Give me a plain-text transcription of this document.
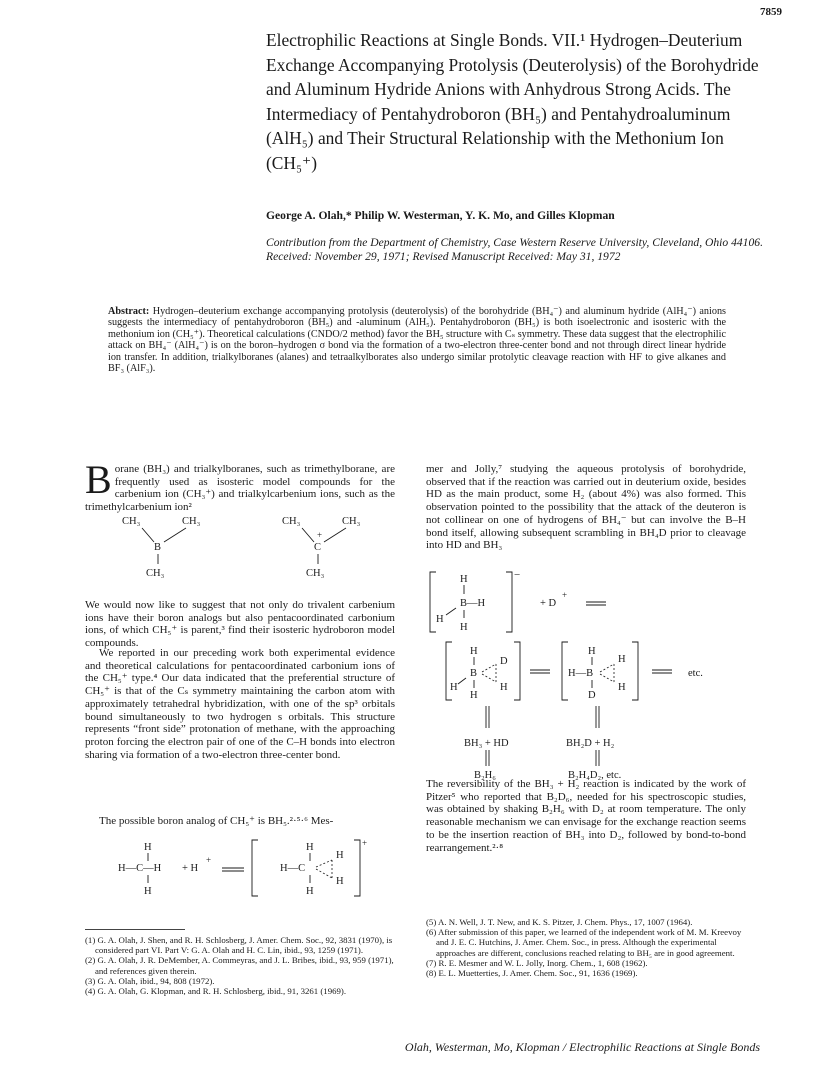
7859
Electrophilic Reactions at Single Bonds. VII.¹ Hydrogen–Deuterium Exchange Accompanying Protolysis (Deuterolysis) of the Borohydride and Aluminum Hydride Anions with Anhydrous Strong Acids. The Intermediacy of Pentahydroboron (BH₅) and Pentahydroaluminum (AlH₅) and Their Structural Relationship with the Methonium Ion (CH₅⁺)
George A. Olah,* Philip W. Westerman, Y. K. Mo, and Gilles Klopman
Contribution from the Department of Chemistry, Case Western Reserve University, Cleveland, Ohio 44106. Received: November 29, 1971; Revised Manuscript Received: May 31, 1972
Abstract: Hydrogen–deuterium exchange accompanying protolysis (deuterolysis) of the borohydride (BH₄⁻) and aluminum hydride (AlH₄⁻) anions suggests the intermediacy of pentahydroboron (BH₅) and -aluminum (AlH₅). Pentahydroboron (BH₅) is both isoelectronic and isosteric with the methonium ion (CH₅⁺). Theoretical calculations (CNDO/2 method) favor the BH₅ structure with Cₛ symmetry. These data suggest that the electrophilic attack on BH₄⁻ (AlH₄⁻) is on the boron–hydrogen σ bond via the formation of a two-electron three-center bond and not through direct linear hydride ion transfer. In addition, trialkylboranes (alanes) and tetraalkylborates also undergo similar protolytic cleavage reaction with HF to give alkanes and BF₃ (AlF₃).
Borane (BH₃) and trialkylboranes, such as trimethylborane, are frequently used as isosteric model compounds for the carbenium ion (CH₃⁺) and trialkylcarbenium ions, such as the trimethylcarbenium ion²
CH₃	CH₃
B
CH₃
CH₃	CH₃
+
C
CH₃
We would now like to suggest that not only do trivalent carbenium ions have their boron analogs but also pentacoordinated carbonium ions, of which CH₅⁺ is parent,³ find their isosteric hydroboron model compounds.
We reported in our preceding work both experimental evidence and theoretical calculations for pentacoordinated carbonium ions of the CH₅⁺ type.⁴ Our data indicated that the preferential structure of CH₅⁺ is that of the Cₛ symmetry maintaining the carbon atom with approximately tetrahedral hybridization, with one of the sp³ orbitals bound simultaneously to two hydrogen s orbitals. This structure represents “front side” protonation of methane, with the approaching proton forcing the electron pair of one of the C–H bonds into electron sharing via formation of a two-electron three-center bond.
The possible boron analog of CH₅⁺ is BH₅.²·⁵·⁶ Mes-
H
H—C—H
H
+ H
+
H
H—C
H
H
H
+
mer and Jolly,⁷ studying the aqueous protolysis of borohydride, observed that if the reaction was carried out in deuterium oxide, besides HD as the main product, some H₂ (about 4%) was also formed. This observation pointed to the possibility that the attack of the deuteron is not collinear on one of hydrogens of BH₄⁻ but can involve the B–H bond itself, allowing subsequent scrambling in BH₄D prior to cleavage into HD and BH₃
H
B—H
H
H
−
+ D
+
H
B
H
H
D
H
H
H—B
D
H
H
etc.
BH₃ + HD	BH₂D + H₂
B₂H₆	B₂H₄D₂, etc.
The reversibility of the BH₃ + H₂ reaction is indicated by the work of Pitzer⁵ who reported that B₂D₆, needed for his spectroscopic studies, was obtained by shaking B₂H₆ with D₂ at room temperature. The only reasonable mechanism we can envisage for the exchange reaction seems to be the insertion reaction of BH₃ into D₂, followed by bond-to-bond rearrangement.²·⁸

(1) G. A. Olah, J. Shen, and R. H. Schlosberg, J. Amer. Chem. Soc., 92, 3831 (1970), is considered part VI. Part V: G. A. Olah and H. C. Lin, ibid., 93, 1259 (1971).

(2) G. A. Olah, J. R. DeMember, A. Commeyras, and J. L. Bribes, ibid., 93, 959 (1971), and references given therein.

(3) G. A. Olah, ibid., 94, 808 (1972).

(4) G. A. Olah, G. Klopman, and R. H. Schlosberg, ibid., 91, 3261 (1969).

(5) A. N. Well, J. T. New, and K. S. Pitzer, J. Chem. Phys., 17, 1007 (1964).

(6) After submission of this paper, we learned of the independent work of M. M. Kreevoy and J. E. C. Hutchins, J. Amer. Chem. Soc., in press. Although the experimental approaches are different, conclusions reached relating to BH₅ are in good agreement.

(7) R. E. Mesmer and W. L. Jolly, Inorg. Chem., 1, 608 (1962).

(8) E. L. Muetterties, J. Amer. Chem. Soc., 91, 1636 (1969).

Olah, Westerman, Mo, Klopman / Electrophilic Reactions at Single Bonds
